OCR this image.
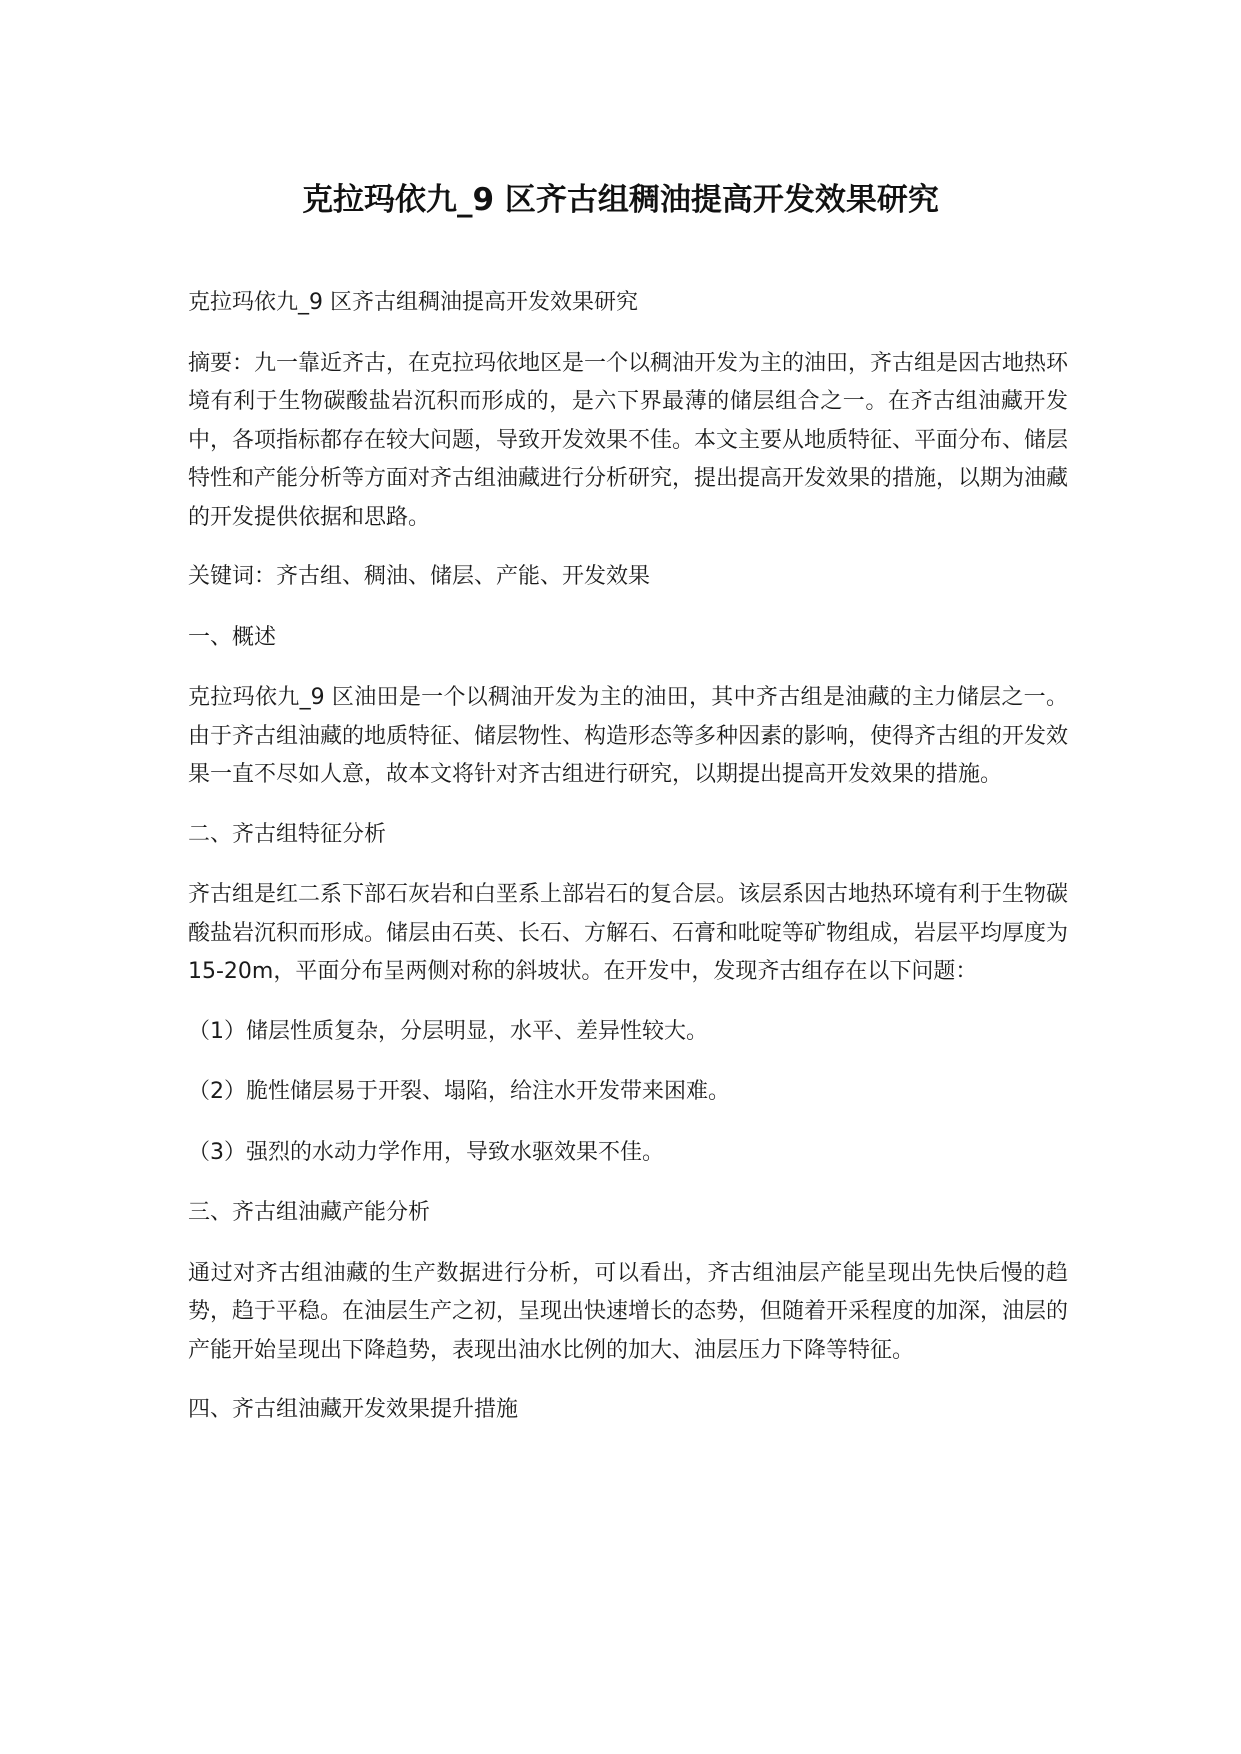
克拉玛依九_9 区齐古组稠油提高开发效果研究

克拉玛依九_9 区齐古组稠油提高开发效果研究

摘要：九一靠近齐古，在克拉玛依地区是一个以稠油开发为主的油田，齐古组是因古地热环境有利于生物碳酸盐岩沉积而形成的，是六下界最薄的储层组合之一。在齐古组油藏开发中，各项指标都存在较大问题，导致开发效果不佳。本文主要从地质特征、平面分布、储层特性和产能分析等方面对齐古组油藏进行分析研究，提出提高开发效果的措施，以期为油藏的开发提供依据和思路。

关键词：齐古组、稠油、储层、产能、开发效果

一、概述

克拉玛依九_9 区油田是一个以稠油开发为主的油田，其中齐古组是油藏的主力储层之一。由于齐古组油藏的地质特征、储层物性、构造形态等多种因素的影响，使得齐古组的开发效果一直不尽如人意，故本文将针对齐古组进行研究，以期提出提高开发效果的措施。

二、齐古组特征分析

齐古组是红二系下部石灰岩和白垩系上部岩石的复合层。该层系因古地热环境有利于生物碳酸盐岩沉积而形成。储层由石英、长石、方解石、石膏和吡啶等矿物组成，岩层平均厚度为 15-20m，平面分布呈两侧对称的斜坡状。在开发中，发现齐古组存在以下问题：

（1）储层性质复杂，分层明显，水平、差异性较大。

（2）脆性储层易于开裂、塌陷，给注水开发带来困难。

（3）强烈的水动力学作用，导致水驱效果不佳。

三、齐古组油藏产能分析

通过对齐古组油藏的生产数据进行分析，可以看出，齐古组油层产能呈现出先快后慢的趋势，趋于平稳。在油层生产之初，呈现出快速增长的态势，但随着开采程度的加深，油层的产能开始呈现出下降趋势，表现出油水比例的加大、油层压力下降等特征。

四、齐古组油藏开发效果提升措施
